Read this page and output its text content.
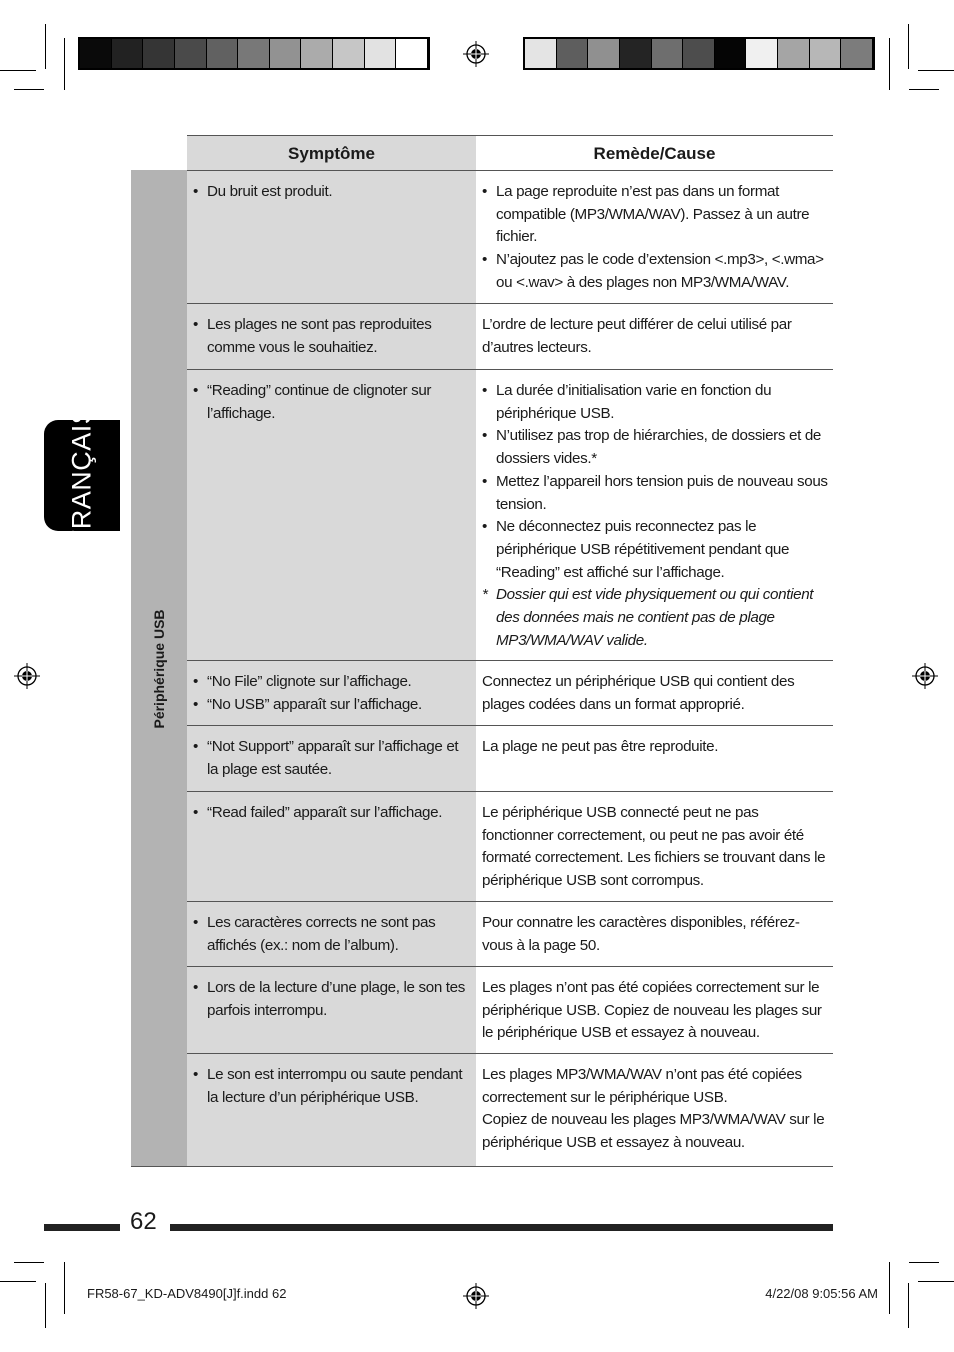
FRANÇAIS
Symptôme	Remède/Cause
Périphérique USB
• Du bruit est produit.
•	La page reproduite n’est pas dans un format compatible (MP3/WMA/WAV). Passez à un autre fichier.
• N’ajoutez pas le code d’extension <.mp3>, <.wma> ou <.wav> à des plages non MP3/WMA/WAV.
• Les plages ne sont pas reproduites comme vous le souhaitiez.

L’ordre de lecture peut différer de celui utilisé par d’autres lecteurs.

• “Reading” continue de clignoter sur l’affichage.
• La durée d’initialisation varie en fonction du périphérique USB.
• N’utilisez pas trop de hiérarchies, de dossiers et de dossiers vides.*
• Mettez l’appareil hors tension puis de nouveau sous tension.
• Ne déconnectez puis reconnectez pas le périphérique USB répétitivement pendant que “Reading” est affiché sur l’affichage.
* Dossier qui est vide physiquement ou qui contient des données mais ne contient pas de plage MP3/WMA/WAV valide.
• “No File” clignote sur l’affichage.
• “No USB” apparaît sur l’affichage.

Connectez un périphérique USB qui contient des plages codées dans un format approprié.

• “Not Support” apparaît sur l’affichage et la plage est sautée.

La plage ne peut pas être reproduite.

• “Read failed” apparaît sur l’affichage.	Le périphérique USB connecté peut ne pas fonctionner correctement, ou peut ne pas avoir été formaté correctement. Les fichiers se trouvant dans le périphérique USB sont corrompus.

• Les caractères corrects ne sont pas affichés (ex.: nom de l’album).

Pour connatre les caractères disponibles, référez-vous à la page 50.

• Lors de la lecture d’une plage, le son tes parfois interrompu.

Les plages n’ont pas été copiées correctement sur le périphérique USB. Copiez de nouveau les plages sur le périphérique USB et essayez à nouveau.

• Le son est interrompu ou saute pendant la lecture d’un périphérique USB.

Les plages MP3/WMA/WAV n’ont pas été copiées correctement sur le périphérique USB.

Copiez de nouveau les plages MP3/WMA/WAV sur le périphérique USB et essayez à nouveau.

62
FR58-67_KD-ADV8490[J]f.indd 62	4/22/08 9:05:56 AM
